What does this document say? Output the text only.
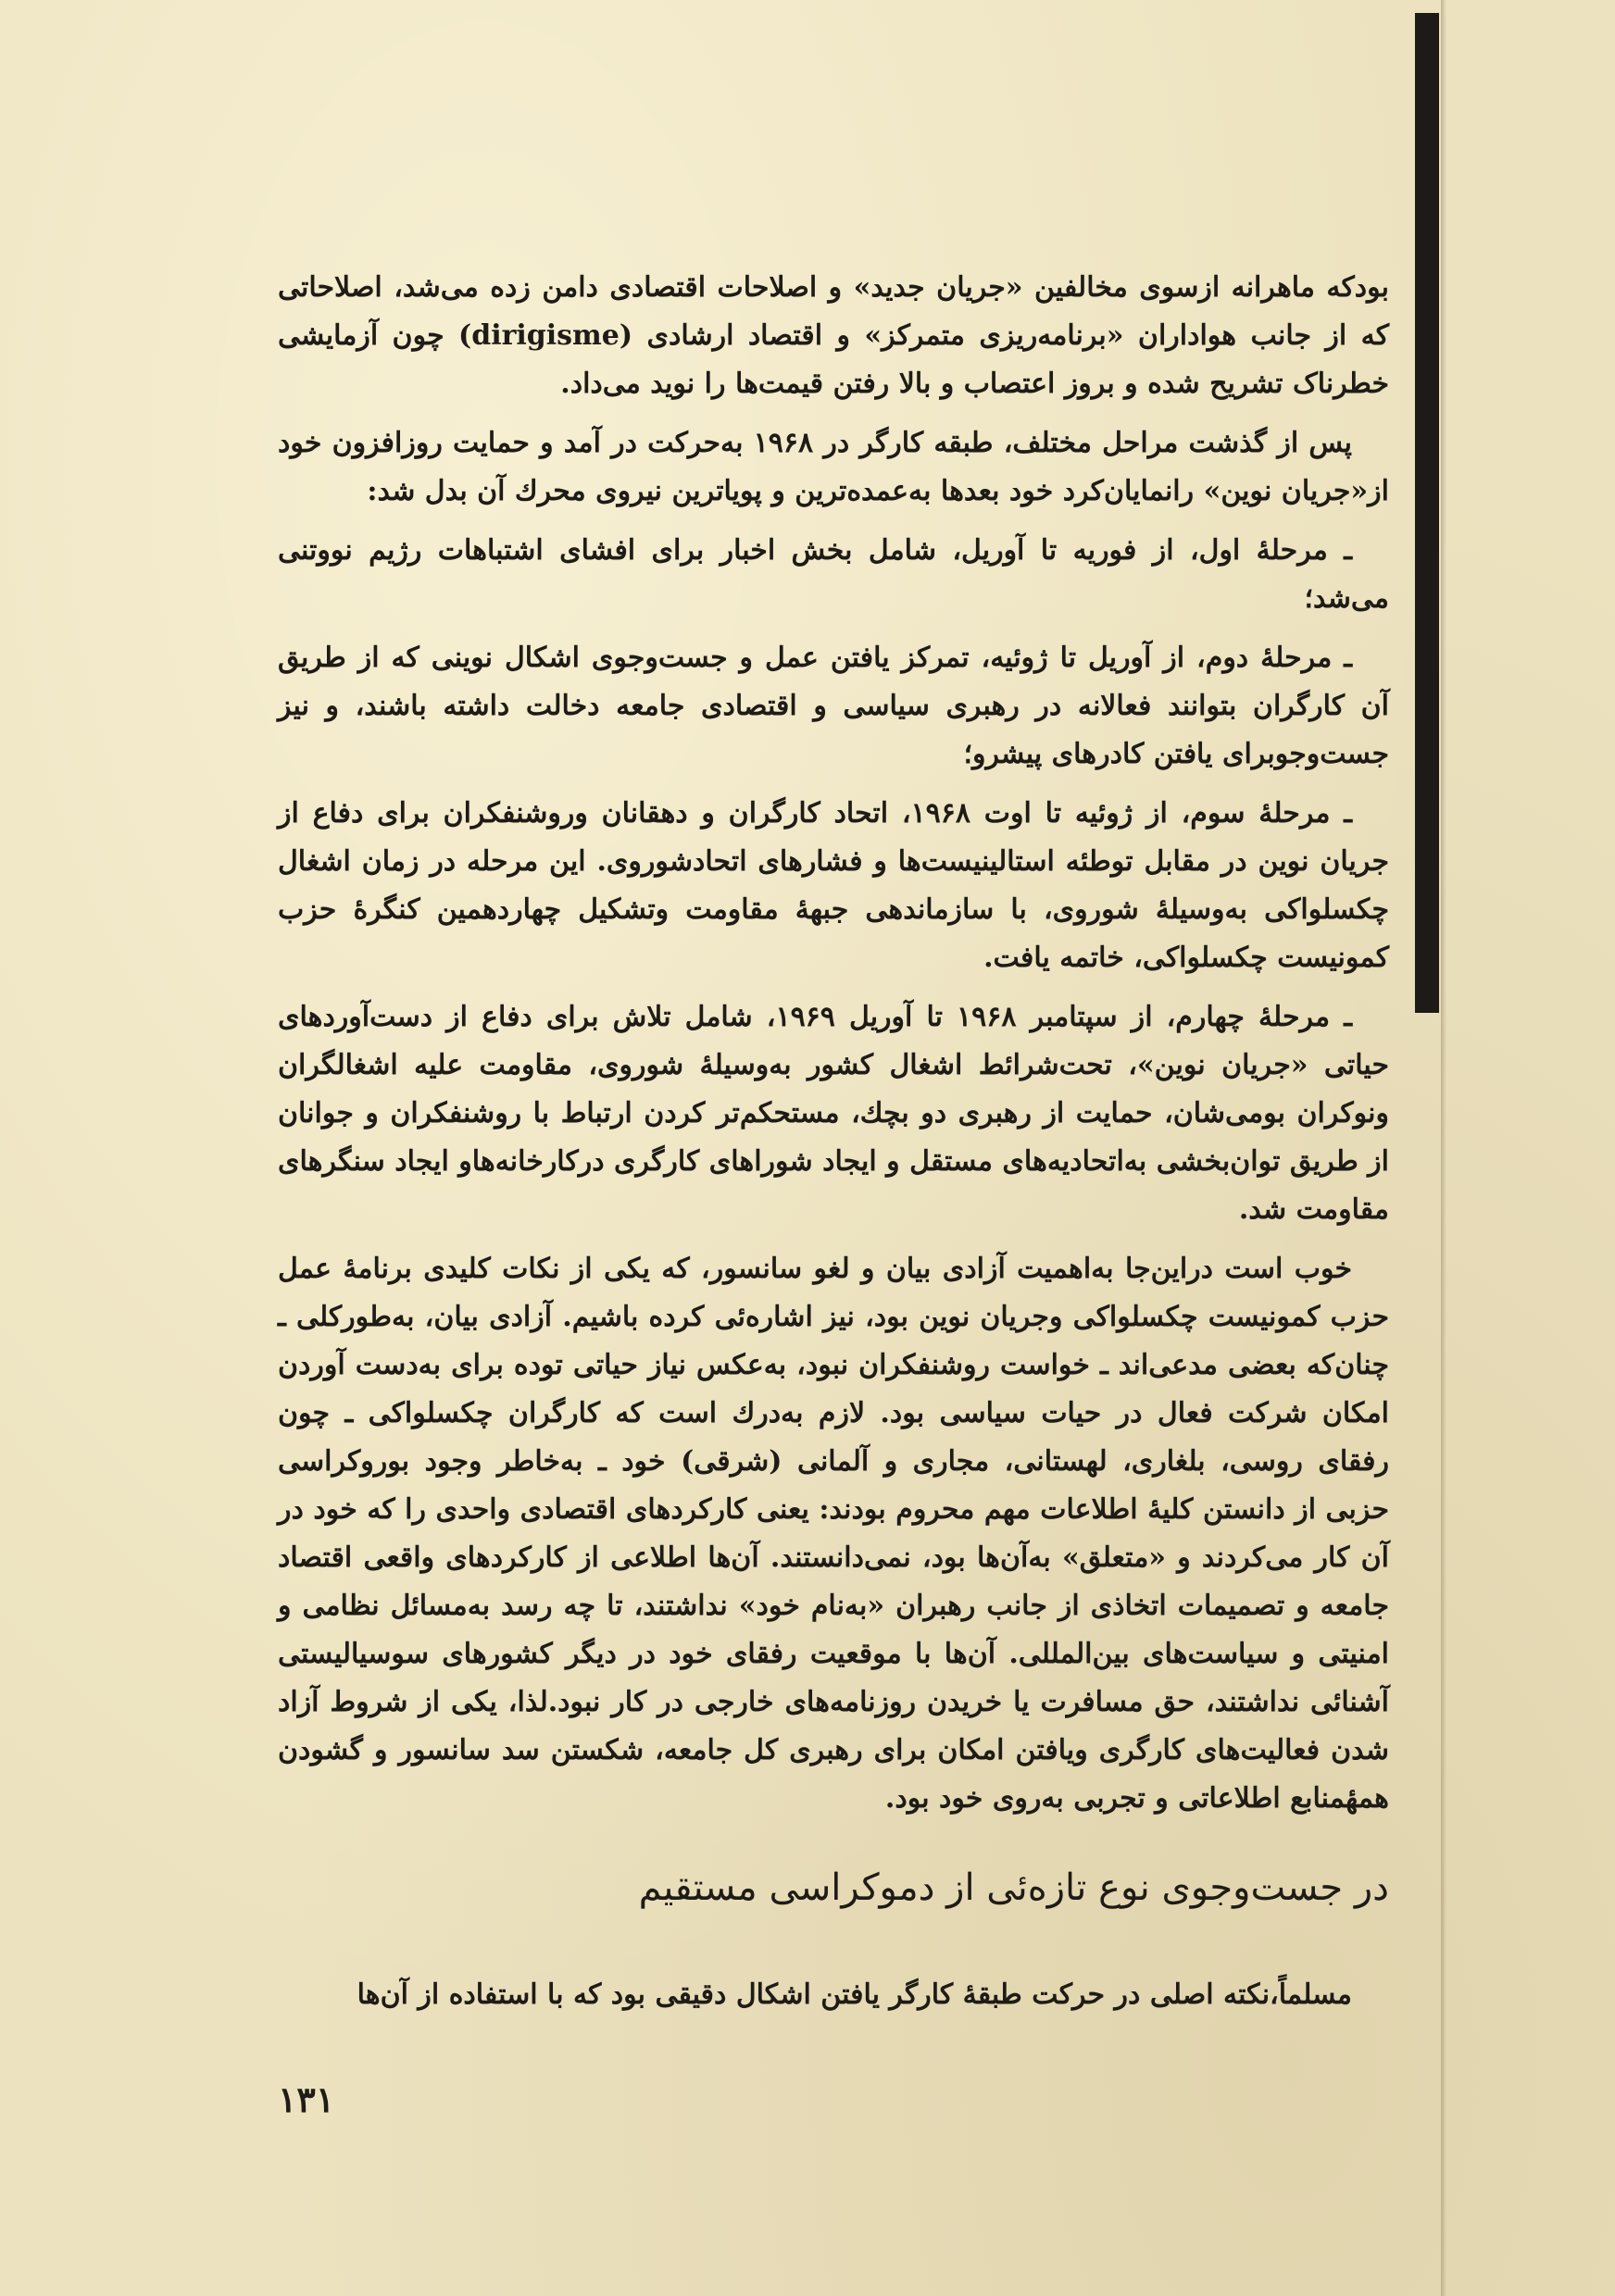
بودکه ماهرانه ازسوی مخالفین «جریان جدید» و اصلاحات اقتصادی دامن زده می‌شد، اصلاحاتی که از جانب هواداران «برنامه‌ریزی متمرکز» و اقتصاد ارشادی (dirigisme) چون آزمایشی خطرناک تشریح شده و بروز اعتصاب و بالا رفتن قیمت‌ها را نوید می‌داد.

پس از گذشت مراحل مختلف، طبقه کارگر در ۱۹۶۸ به‌حرکت در آمد و حمایت روزافزون خود از«جریان نوین» رانمایان‌کرد خود بعدها به‌عمده‌ترین و پویاترین نیروی محرك آن بدل شد:

ـ مرحلهٔ اول، از فوریه تا آوریل، شامل بخش اخبار برای افشای اشتباهات رژیم نووتنی می‌شد؛

ـ مرحلهٔ دوم، از آوریل تا ژوئیه، تمرکز یافتن عمل و جست‌وجوی اشکال نوینی که از طریق آن کارگران بتوانند فعالانه در رهبری سیاسی و اقتصادی جامعه دخالت داشته باشند، و نیز جست‌وجوبرای یافتن کادرهای پیشرو؛

ـ مرحلهٔ سوم، از ژوئیه تا اوت ۱۹۶۸، اتحاد کارگران و دهقانان وروشنفکران برای دفاع از جریان نوین در مقابل توطئه استالینیست‌ها و فشارهای اتحادشوروی. این مرحله در زمان اشغال چکسلواکی به‌وسیلهٔ شوروی، با سازماندهی جبههٔ مقاومت وتشکیل چهاردهمین کنگرهٔ حزب کمونیست چکسلواکی، خاتمه یافت.

ـ مرحلهٔ چهارم، از سپتامبر ۱۹۶۸ تا آوریل ۱۹۶۹، شامل تلاش برای دفاع از دست‌آوردهای حیاتی «جریان نوین»، تحت‌شرائط اشغال کشور به‌وسیلهٔ شوروی، مقاومت علیه اشغالگران ونوکران بومی‌شان، حمایت از رهبری دو بچك، مستحکم‌تر کردن ارتباط با روشنفکران و جوانان از طریق توان‌بخشی به‌اتحادیه‌های مستقل و ایجاد شوراهای کارگری درکارخانه‌هاو ایجاد سنگرهای مقاومت شد.

خوب است دراین‌جا به‌اهمیت آزادی بیان و لغو سانسور، که یکی از نکات کلیدی برنامهٔ عمل حزب کمونیست چکسلواکی وجریان نوین بود، نیز اشاره‌ئی کرده باشیم. آزادی بیان، به‌طورکلی ـ چنان‌که بعضی مدعی‌اند ـ خواست روشنفکران نبود، به‌عکس نیاز حیاتی توده برای به‌دست آوردن امکان شرکت فعال در حیات سیاسی بود. لازم به‌درك است که کارگران چکسلواکی ـ چون رفقای روسی، بلغاری، لهستانی، مجاری و آلمانی (شرقی) خود ـ به‌خاطر وجود بوروکراسی حزبی از دانستن کلیهٔ اطلاعات مهم محروم بودند: یعنی کارکردهای اقتصادی واحدی را که خود در آن کار می‌کردند و «متعلق» به‌آن‌ها بود، نمی‌دانستند. آن‌ها اطلاعی از کارکردهای واقعی اقتصاد جامعه و تصمیمات اتخاذی از جانب رهبران «به‌نام خود» نداشتند، تا چه رسد به‌مسائل نظامی و امنیتی و سیاست‌های بین‌المللی. آن‌ها با موقعیت رفقای خود در دیگر کشورهای سوسیالیستی آشنائی نداشتند، حق مسافرت یا خریدن روزنامه‌های خارجی در کار نبود.لذا، یکی از شروط آزاد شدن فعالیت‌های کارگری ویافتن امکان برای رهبری کل جامعه، شکستن سد سانسور و گشودن همهٔمنابع اطلاعاتی و تجربی به‌روی خود بود.

در جست‌وجوی نوع تازه‌ئی از دموکراسی مستقیم

مسلماً،نکته اصلی در حرکت طبقهٔ کارگر یافتن اشکال دقیقی بود که با استفاده از آن‌ها

۱۳۱
